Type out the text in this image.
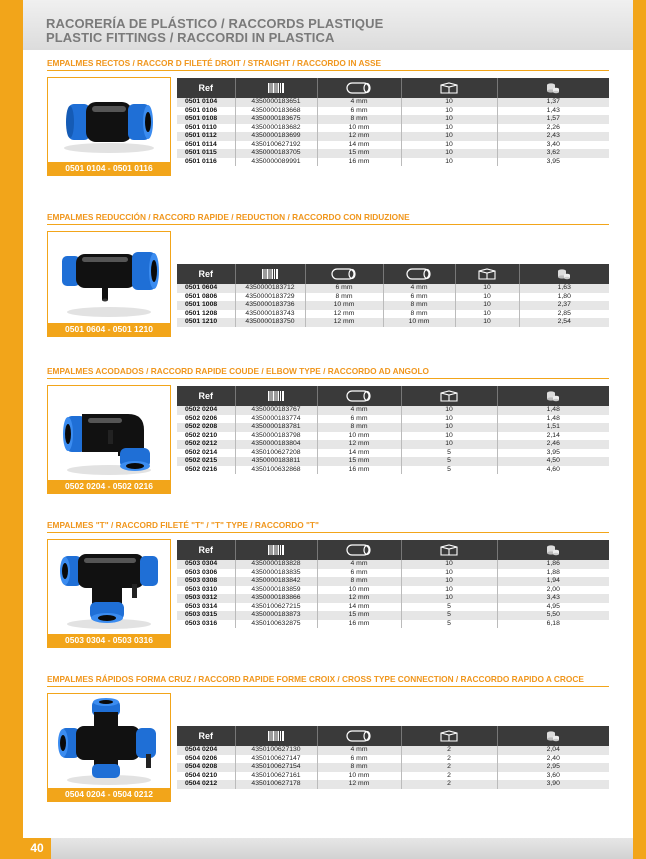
RACORERÍA DE PLÁSTICO / RACCORDS PLASTIQUE
PLASTIC FITTINGS / RACCORDI IN PLASTICA
EMPALMES RECTOS / RACCOR D FILETÉ DROIT / STRAIGHT / RACCORDO IN ASSE
0501 0104 - 0501 0116
Ref				
0501 0104	4350000183651	4 mm	10	1,37
0501 0106	4350000183668	6 mm	10	1,43
0501 0108	4350000183675	8 mm	10	1,57
0501 0110	4350000183682	10 mm	10	2,26
0501 0112	4350000183699	12 mm	10	2,43
0501 0114	4350100627192	14 mm	10	3,40
0501 0115	4350000183705	15 mm	10	3,62
0501 0116	4350000089991	16 mm	10	3,95
EMPALMES REDUCCIÓN / RACCORD RAPIDE / REDUCTION / RACCORDO CON RIDUZIONE
0501 0604 - 0501 1210
Ref					
0501 0604	4350000183712	6 mm	4 mm	10	1,63
0501 0806	4350000183729	8 mm	6 mm	10	1,80
0501 1008	4350000183736	10 mm	8 mm	10	2,37
0501 1208	4350000183743	12 mm	8 mm	10	2,85
0501 1210	4350000183750	12 mm	10 mm	10	2,54
EMPALMES ACODADOS / RACCORD RAPIDE COUDE / ELBOW TYPE / RACCORDO AD ANGOLO
0502 0204 - 0502 0216
Ref				
0502 0204	4350000183767	4 mm	10	1,48
0502 0206	4350000183774	6 mm	10	1,48
0502 0208	4350000183781	8 mm	10	1,51
0502 0210	4350000183798	10 mm	10	2,14
0502 0212	4350000183804	12 mm	10	2,46
0502 0214	4350100627208	14 mm	5	3,95
0502 0215	4350000183811	15 mm	5	4,50
0502 0216	4350100632868	16 mm	5	4,60
EMPALMES "T" / RACCORD FILETÉ "T" / "T" TYPE / RACCORDO "T"
0503 0304 - 0503 0316
Ref				
0503 0304	4350000183828	4 mm	10	1,86
0503 0306	4350000183835	6 mm	10	1,88
0503 0308	4350000183842	8 mm	10	1,94
0503 0310	4350000183859	10 mm	10	2,00
0503 0312	4350000183866	12 mm	10	3,43
0503 0314	4350100627215	14 mm	5	4,95
0503 0315	4350000183873	15 mm	5	5,50
0503 0316	4350100632875	16 mm	5	6,18
EMPALMES RÁPIDOS FORMA CRUZ / RACCORD RAPIDE FORME CROIX / CROSS TYPE CONNECTION / RACCORDO RAPIDO A CROCE
0504 0204 - 0504 0212
Ref				
0504 0204	4350100627130	4 mm	2	2,04
0504 0206	4350100627147	6 mm	2	2,40
0504 0208	4350100627154	8 mm	2	2,95
0504 0210	4350100627161	10 mm	2	3,60
0504 0212	4350100627178	12 mm	2	3,90
40
